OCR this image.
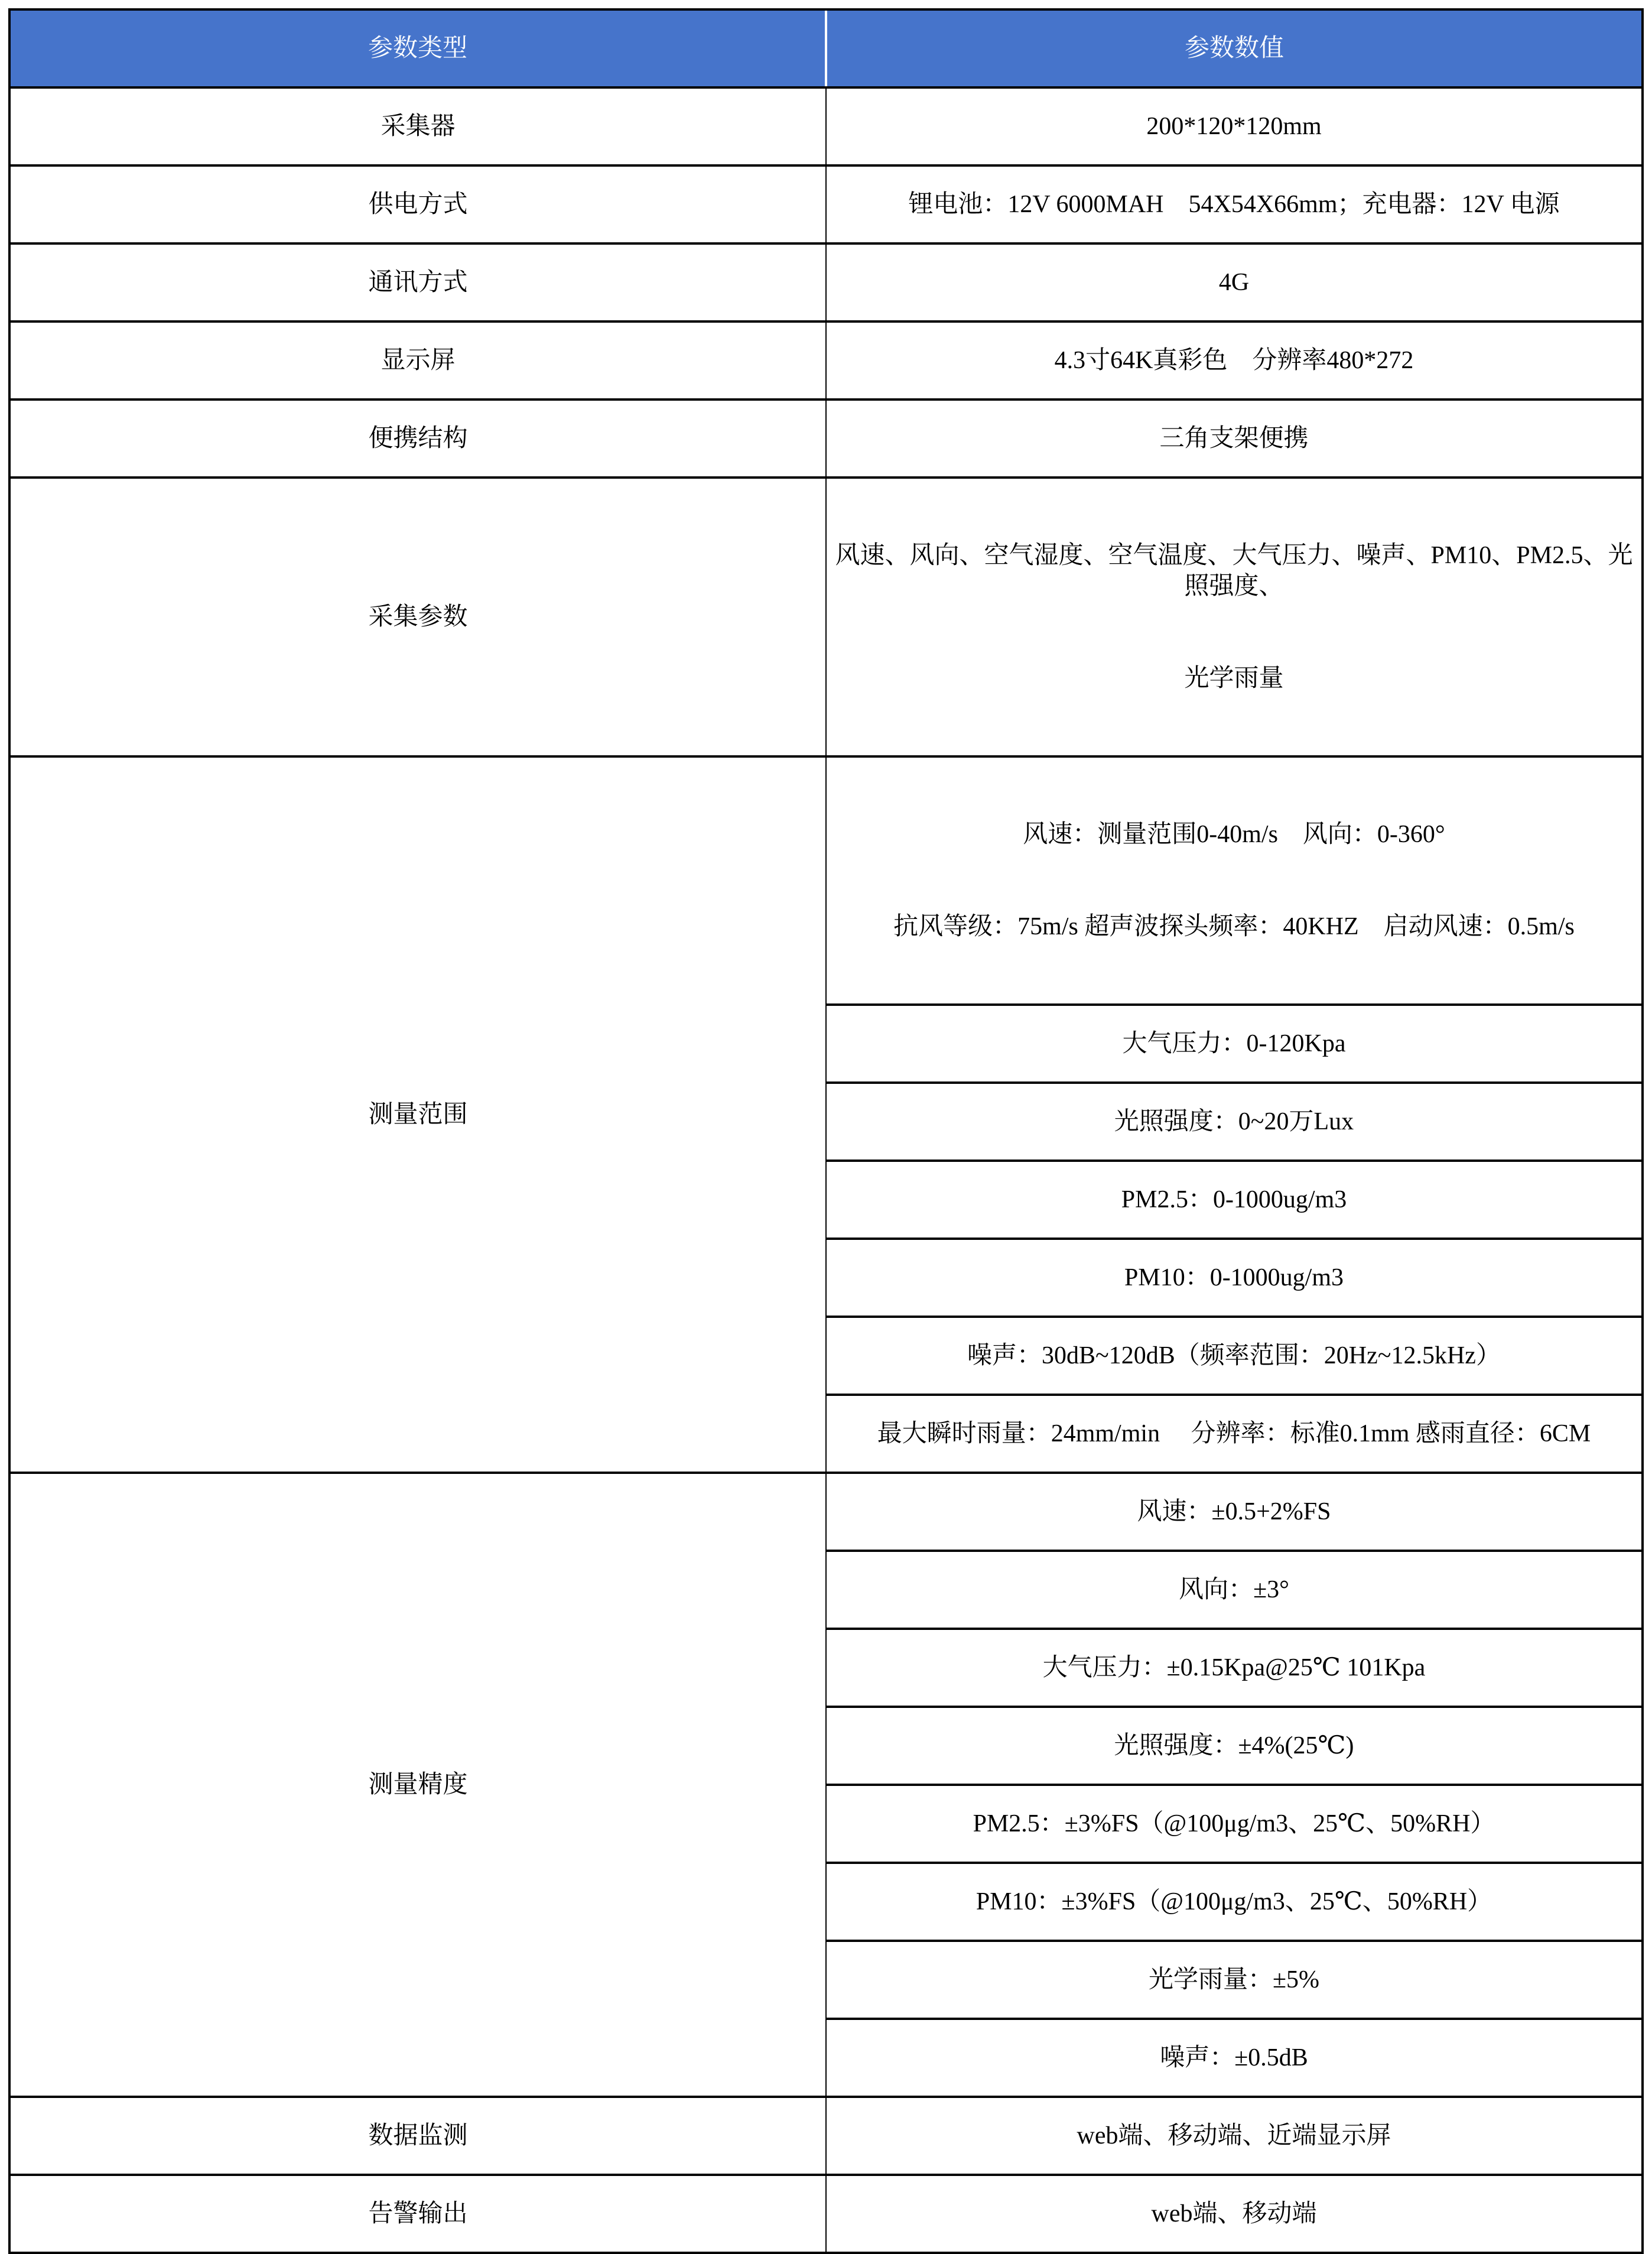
参数类型	参数数值
采集器	200*120*120mm
供电方式	锂电池：12V 6000MAH　54X54X66mm；充电器：12V 电源
通讯方式	4G
显示屏	4.3寸64K真彩色　分辨率480*272
便携结构	三角支架便携
采集参数	风速、风向、空气湿度、空气温度、大气压力、噪声、PM10、PM2.5、光照强度、

光学雨量

测量范围	风速：测量范围0-40m/s　风向：0-360°

抗风等级：75m/s 超声波探头频率：40KHZ　启动风速：0.5m/s

	大气压力：0-120Kpa
	光照强度：0~20万Lux
	PM2.5：0-1000ug/m3
	PM10：0-1000ug/m3
	噪声：30dB~120dB（频率范围：20Hz~12.5kHz）
	最大瞬时雨量：24mm/min　 分辨率：标准0.1mm 感雨直径：6CM
测量精度	风速：±0.5+2%FS
	风向：±3°
	大气压力：±0.15Kpa@25℃ 101Kpa
	光照强度：±4%(25℃)
	PM2.5：±3%FS（@100μg/m3、25℃、50%RH）
	PM10：±3%FS（@100μg/m3、25℃、50%RH）
	光学雨量：±5%
	噪声：±0.5dB
数据监测	web端、移动端、近端显示屏
告警输出	web端、移动端
